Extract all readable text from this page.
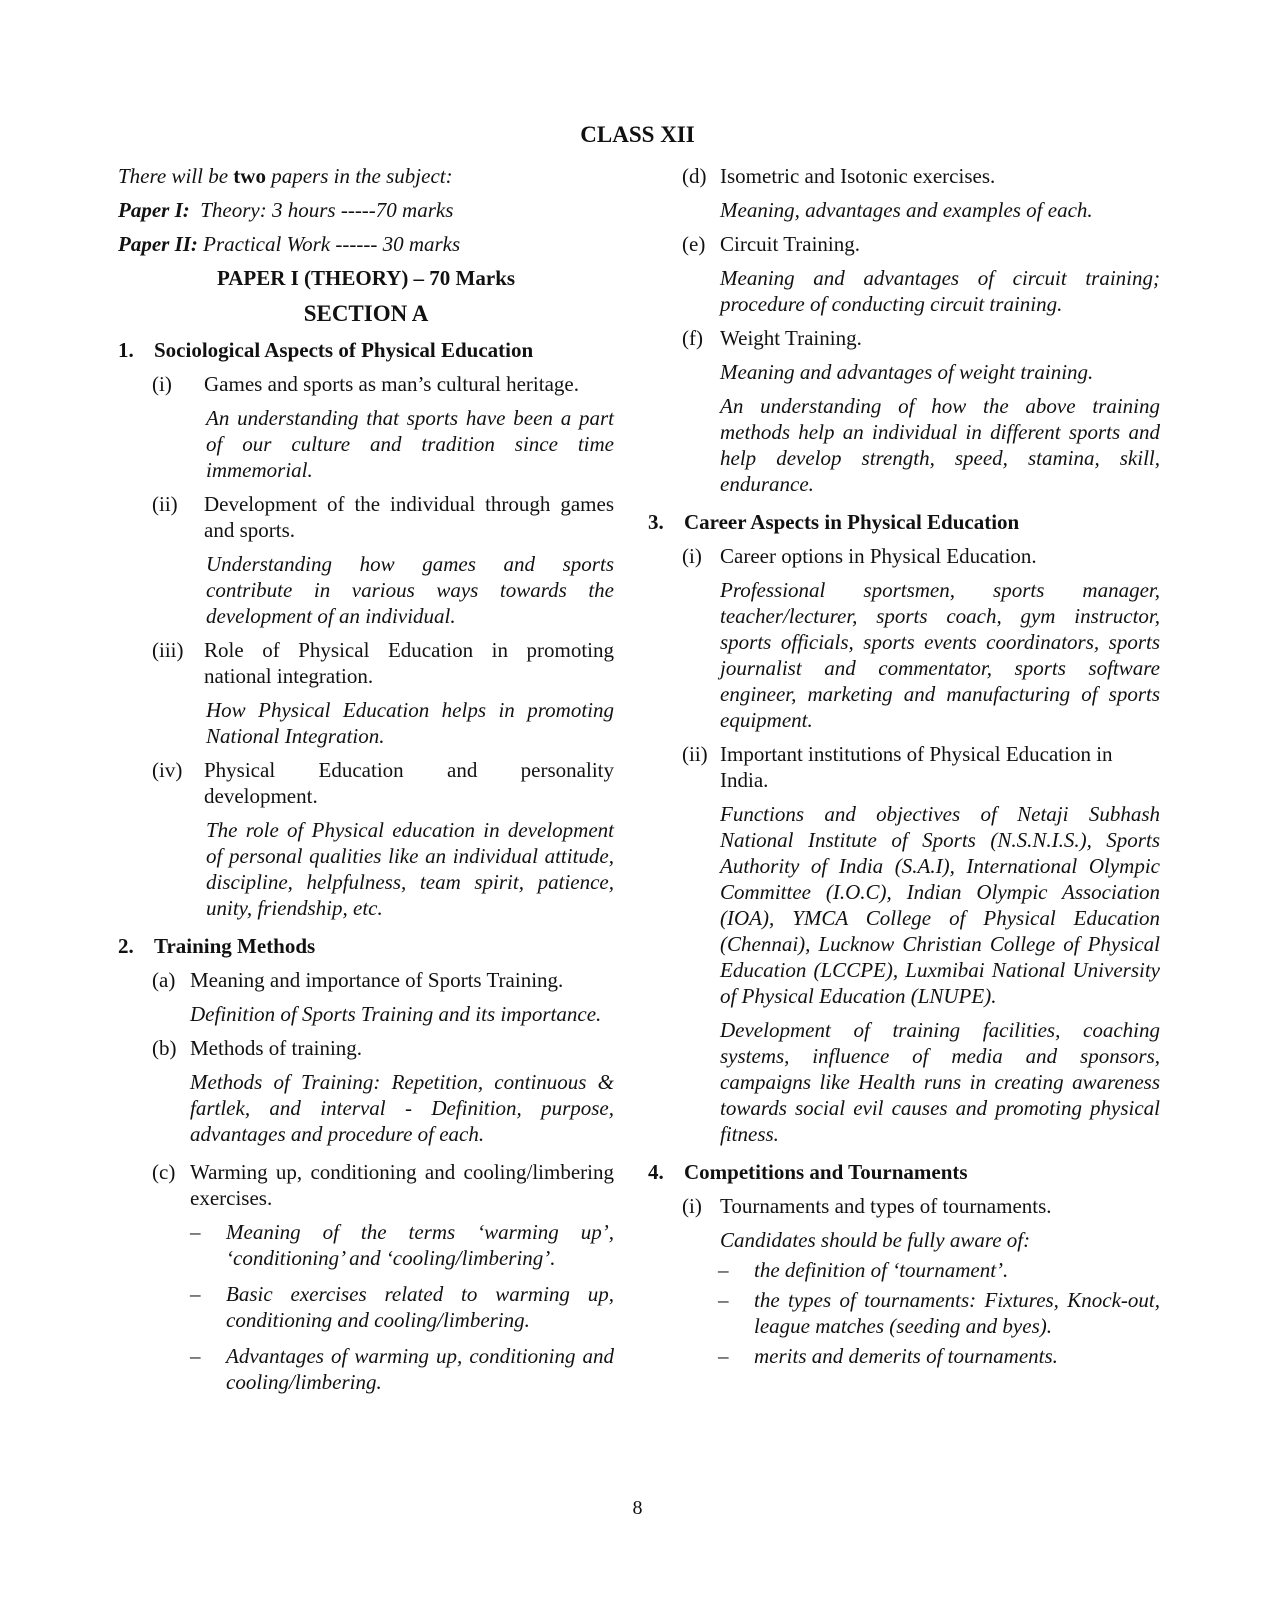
CLASS XII
There will be two papers in the subject:
Paper I:  Theory: 3 hours -----70 marks
Paper II: Practical Work ------ 30 marks
PAPER I (THEORY) – 70 Marks
SECTION A
1. Sociological Aspects of Physical Education
(i)	Games and sports as man’s cultural heritage.
An understanding that sports have been a part of our culture and tradition since time immemorial.
(ii)	Development of the individual through games and sports.
Understanding how games and sports contribute in various ways towards the development of an individual.
(iii) Role of Physical Education in promoting national integration.
How Physical Education helps in promoting National Integration.
(iv)	Physical Education and personality development.
The role of Physical education in development of personal qualities like an individual attitude, discipline, helpfulness, team spirit, patience, unity, friendship, etc.
2. Training Methods
(a) Meaning and importance of Sports Training.
Definition of Sports Training and its importance.
(b) Methods of training.
Methods of Training: Repetition, continuous & fartlek, and interval - Definition, purpose, advantages and procedure of each.
(c) Warming up, conditioning and cooling/limbering exercises.
–	Meaning of the terms ‘warming up’, ‘conditioning’ and ‘cooling/limbering’.
–	Basic exercises related to warming up, conditioning and cooling/limbering.
–	Advantages of warming up, conditioning and cooling/limbering.
(d) Isometric and Isotonic exercises.
Meaning, advantages and examples of each.
(e) Circuit Training.
Meaning and advantages of circuit training; procedure of conducting circuit training.
(f) Weight Training.
Meaning and advantages of weight training.
An understanding of how the above training methods help an individual in different sports and help develop strength, speed, stamina, skill, endurance.
3. Career Aspects in Physical Education
(i) Career options in Physical Education.
Professional sportsmen, sports manager, teacher/lecturer, sports coach, gym instructor, sports officials, sports events coordinators, sports journalist and commentator, sports software engineer, marketing and manufacturing of sports equipment.
(ii) Important institutions of Physical Education in India.
Functions and objectives of Netaji Subhash National Institute of Sports (N.S.N.I.S.), Sports Authority of India (S.A.I), International Olympic Committee (I.O.C), Indian Olympic Association (IOA), YMCA College of Physical Education (Chennai), Lucknow Christian College of Physical Education (LCCPE), Luxmibai National University of Physical Education (LNUPE).
Development of training facilities, coaching systems, influence of media and sponsors, campaigns like Health runs in creating awareness towards social evil causes and promoting physical fitness.
4. Competitions and Tournaments
(i) Tournaments and types of tournaments.
Candidates should be fully aware of:
–	the definition of ‘tournament’.
–	the types of tournaments: Fixtures, Knock-out, league matches (seeding and byes).
–	merits and demerits of tournaments.
8
